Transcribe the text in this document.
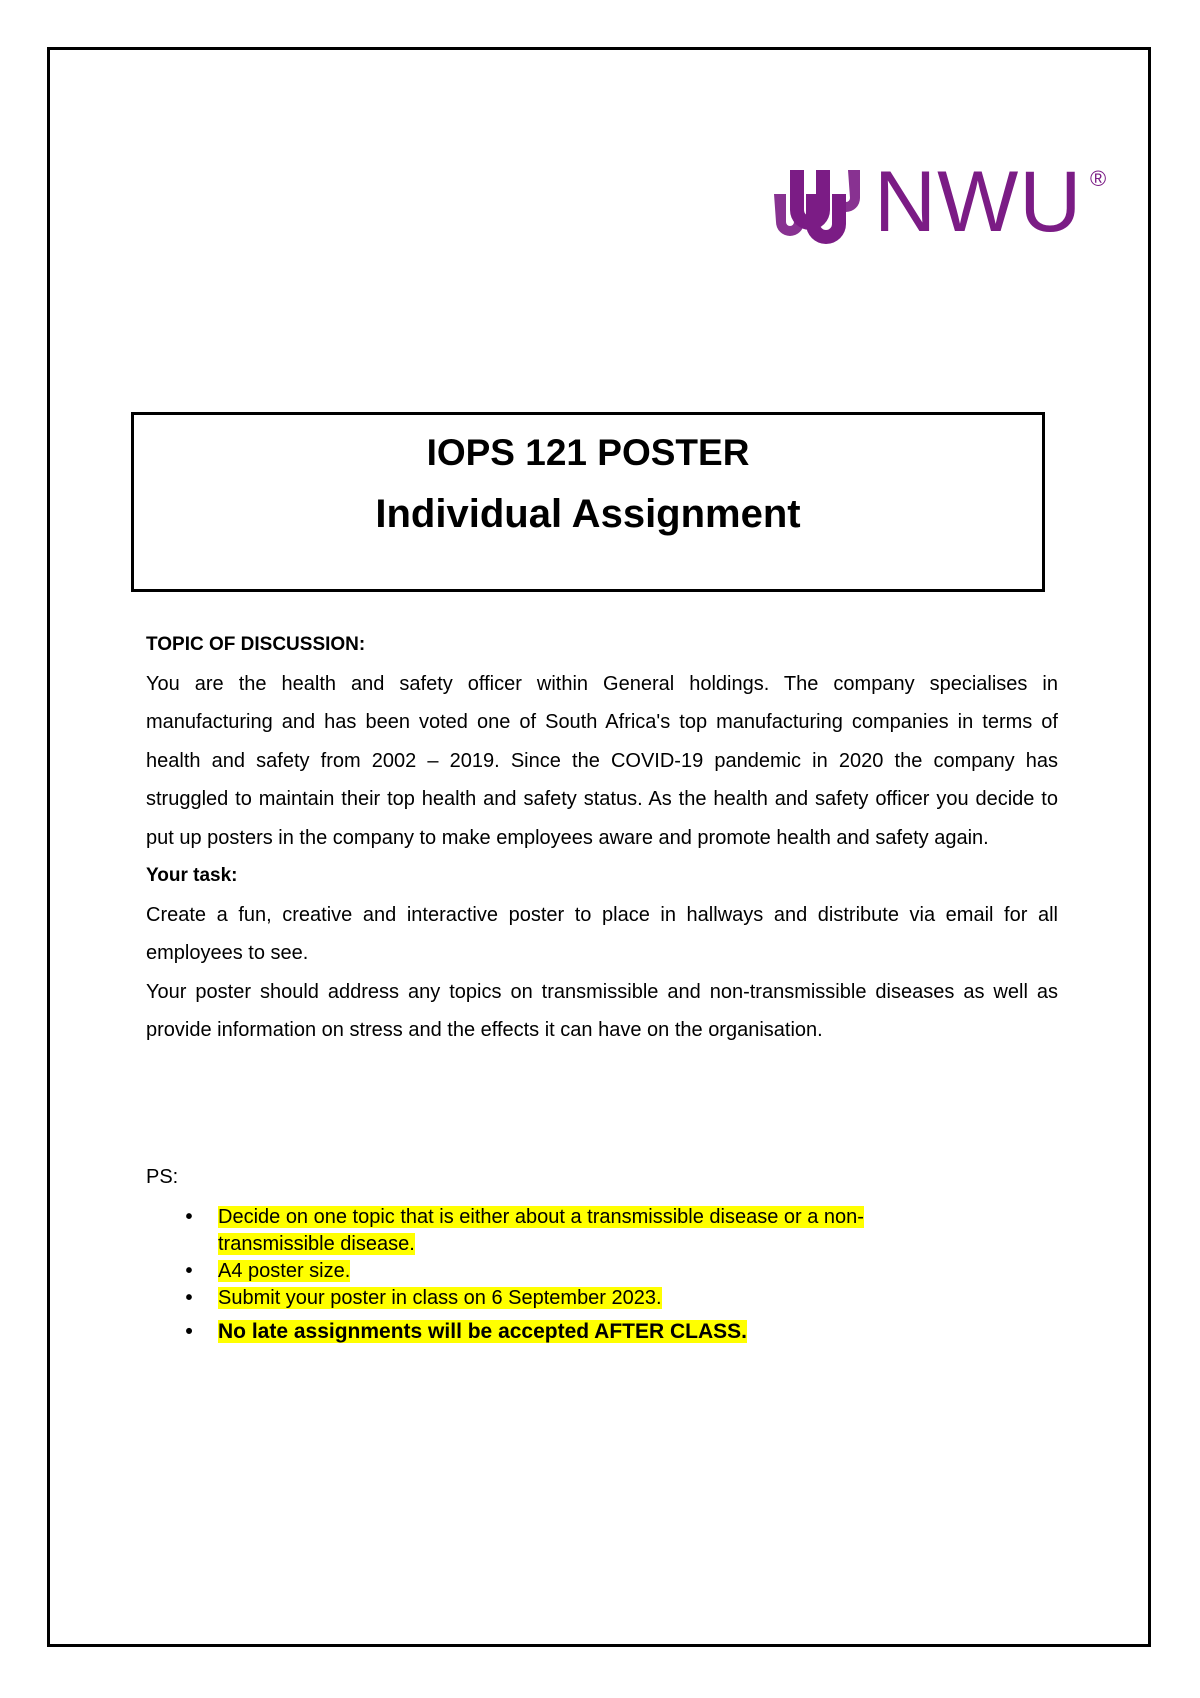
NWU ®
IOPS 121 POSTER
Individual Assignment
TOPIC OF DISCUSSION:

You are the health and safety officer within General holdings. The company specialises in manufacturing and has been voted one of South Africa's top manufacturing companies in terms of health and safety from 2002 – 2019. Since the COVID-19 pandemic in 2020 the company has struggled to maintain their top health and safety status. As the health and safety officer you decide to put up posters in the company to make employees aware and promote health and safety again.

Your task:

Create a fun, creative and interactive poster to place in hallways and distribute via email for all employees to see.

Your poster should address any topics on transmissible and non-transmissible diseases as well as provide information on stress and the effects it can have on the organisation.

PS:
• Decide on one topic that is either about a transmissible disease or a non-transmissible disease.
• A4 poster size.
• Submit your poster in class on 6 September 2023.
• No late assignments will be accepted AFTER CLASS.
